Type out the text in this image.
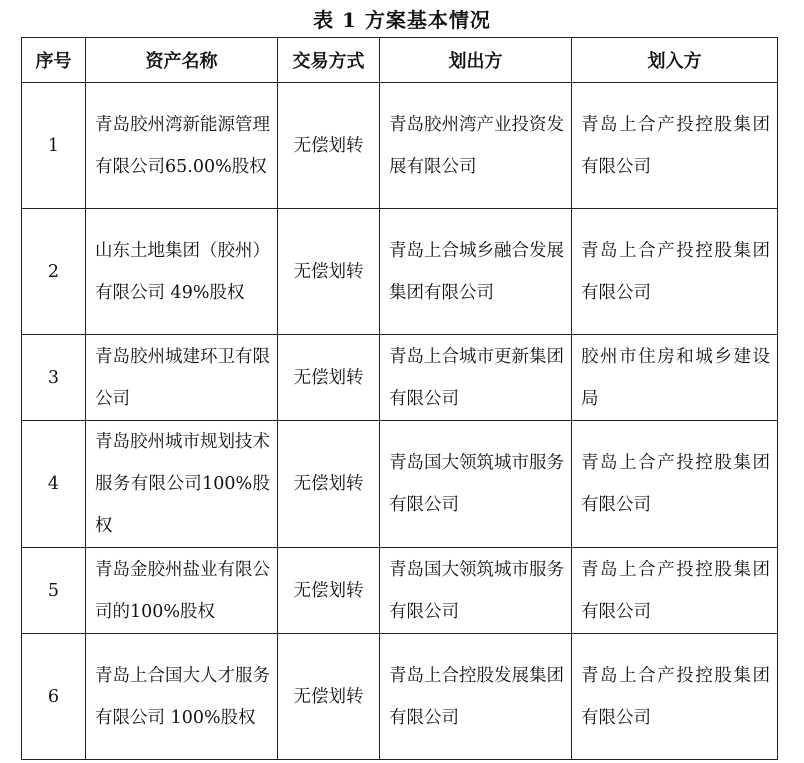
表 1 方案基本情况
序号	资产名称	交易方式	划出方	划入方
1	青岛胶州湾新能源管理有限公司65.00%股权	无偿划转	青岛胶州湾产业投资发展有限公司	青岛上合产投控股集团有限公司
2	山东土地集团（胶州）有限公司 49%股权	无偿划转	青岛上合城乡融合发展集团有限公司	青岛上合产投控股集团有限公司
3	青岛胶州城建环卫有限公司	无偿划转	青岛上合城市更新集团有限公司	胶州市住房和城乡建设局
4	青岛胶州城市规划技术服务有限公司100%股权	无偿划转	青岛国大领筑城市服务有限公司	青岛上合产投控股集团有限公司
5	青岛金胶州盐业有限公司的100%股权	无偿划转	青岛国大领筑城市服务有限公司	青岛上合产投控股集团有限公司
6	青岛上合国大人才服务有限公司 100%股权	无偿划转	青岛上合控股发展集团有限公司	青岛上合产投控股集团有限公司
